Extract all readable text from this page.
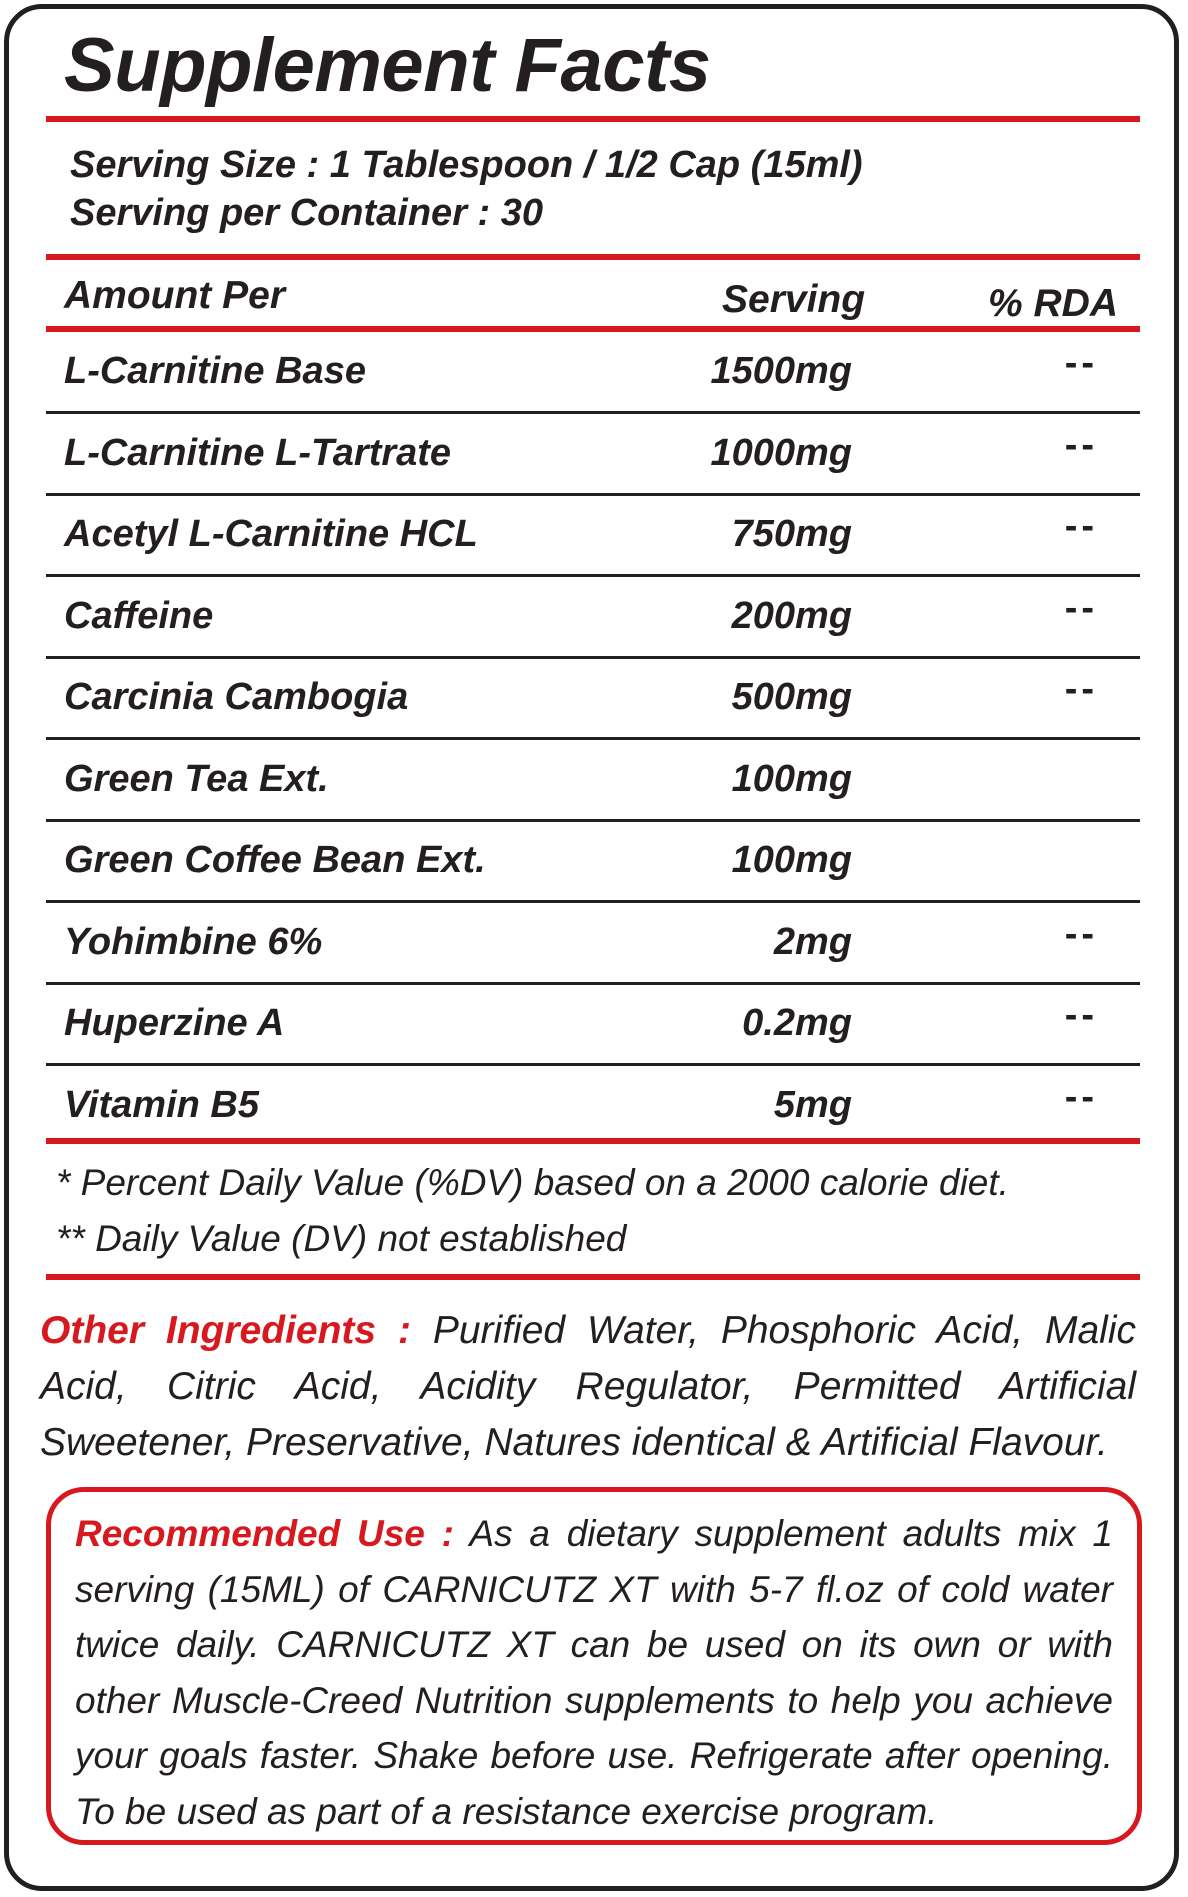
Supplement Facts
Serving Size : 1 Tablespoon / 1/2 Cap (15ml)
Serving per Container : 30
Amount Per	Serving	% RDA
L-Carnitine Base	1500mg	--
L-Carnitine L-Tartrate	1000mg	--
Acetyl L-Carnitine HCL	750mg	--
Caffeine	200mg	--
Carcinia Cambogia	500mg	--
Green Tea Ext.	100mg
Green Coffee Bean Ext.	100mg
Yohimbine 6%	2mg	--
Huperzine A	0.2mg	--
Vitamin B5	5mg	--
* Percent Daily Value (%DV) based on a 2000 calorie diet.
** Daily Value (DV) not established
Other Ingredients : Purified Water, Phosphoric Acid, Malic Acid, Citric Acid, Acidity Regulator, Permitted Artificial Sweetener, Preservative, Natures identical & Artificial Flavour.
Recommended Use : As a dietary supplement adults mix 1 serving (15ML) of CARNICUTZ XT with 5-7 fl.oz of cold water twice daily. CARNICUTZ XT can be used on its own or with other Muscle-Creed Nutrition supplements to help you achieve your goals faster. Shake before use. Refrigerate after opening. To be used as part of a resistance exercise program.
